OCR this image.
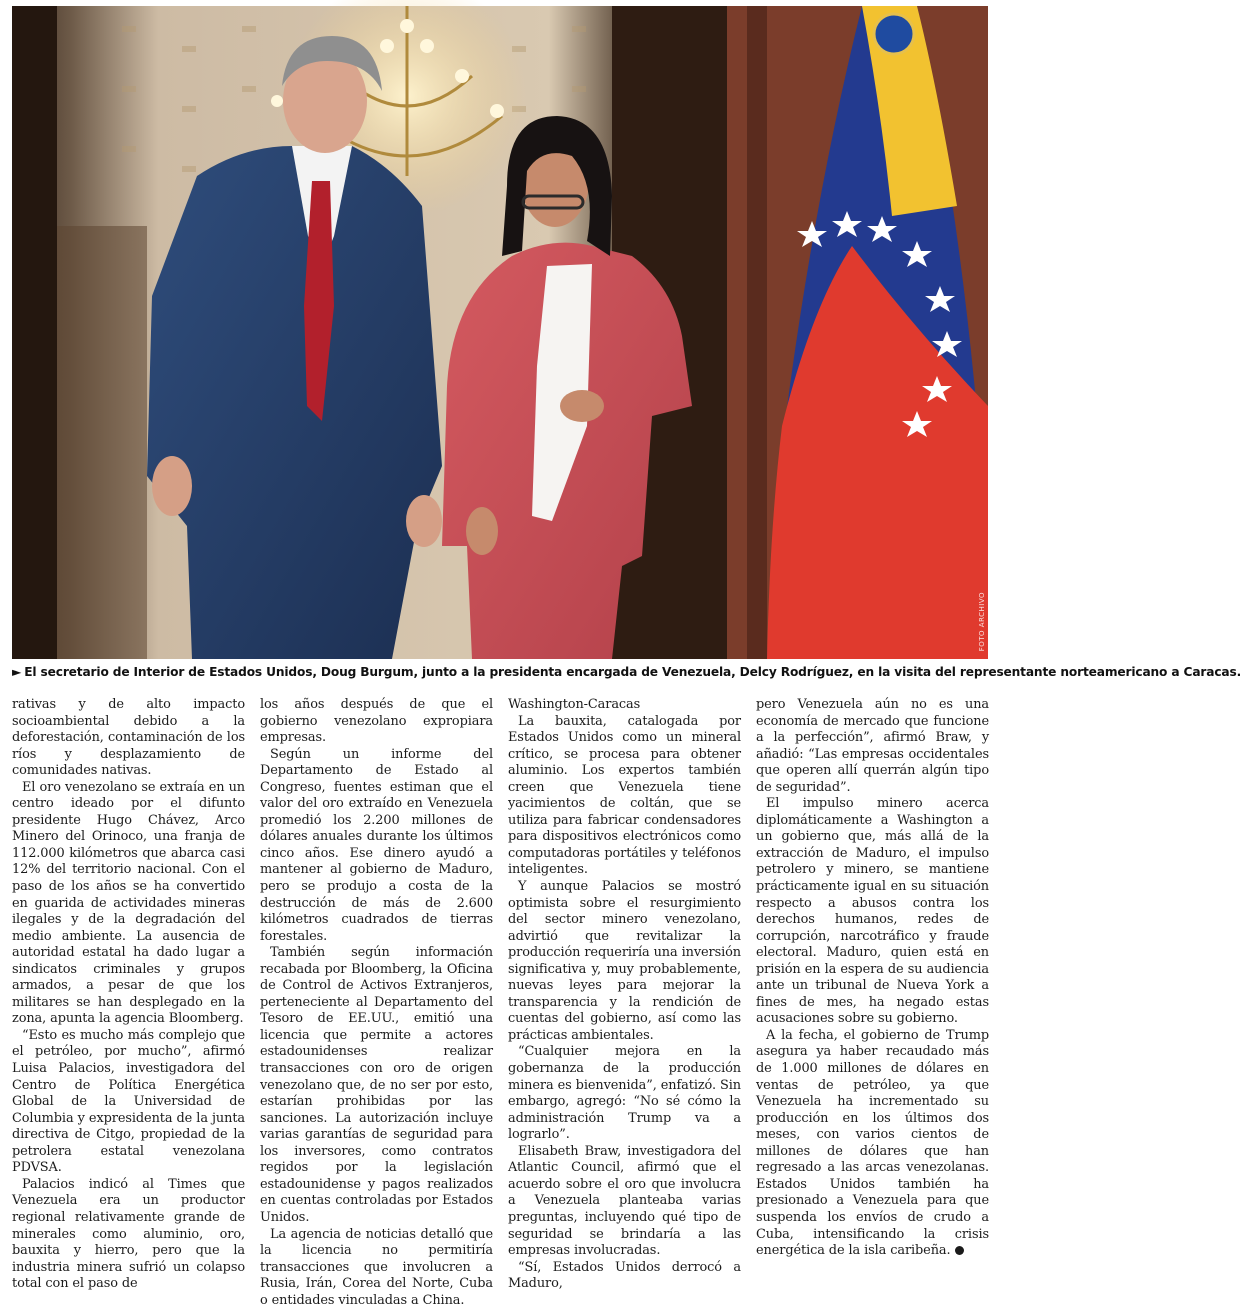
FOTO ARCHIVO
► El secretario de Interior de Estados Unidos, Doug Burgum, junto a la presidenta encargada de Venezuela, Delcy Rodríguez, en la visita del representante norteamericano a Caracas.

rativas y de alto impacto socioambiental debido a la deforestación, contaminación de los ríos y desplazamiento de comunidades nativas.

El oro venezolano se extraía en un centro ideado por el difunto presidente Hugo Chávez, Arco Minero del Orinoco, una franja de 112.000 kilómetros que abarca casi 12% del territorio nacional. Con el paso de los años se ha convertido en guarida de actividades mineras ilegales y de la degradación del medio ambiente. La ausencia de autoridad estatal ha dado lugar a sindicatos criminales y grupos armados, a pesar de que los militares se han desplegado en la zona, apunta la agencia Bloomberg.

“Esto es mucho más complejo que el petróleo, por mucho”, afirmó Luisa Palacios, investigadora del Centro de Política Energética Global de la Universidad de Columbia y expresidenta de la junta directiva de Citgo, propiedad de la petrolera estatal venezolana PDVSA.

Palacios indicó al Times que Venezuela era un productor regional relativamente grande de minerales como aluminio, oro, bauxita y hierro, pero que la industria minera sufrió un colapso total con el paso de

los años después de que el gobierno venezolano expropiara empresas.

Según un informe del Departamento de Estado al Congreso, fuentes estiman que el valor del oro extraído en Venezuela promedió los 2.200 millones de dólares anuales durante los últimos cinco años. Ese dinero ayudó a mantener al gobierno de Maduro, pero se produjo a costa de la destrucción de más de 2.600 kilómetros cuadrados de tierras forestales.

También según información recabada por Bloomberg, la Oficina de Control de Activos Extranjeros, perteneciente al Departamento del Tesoro de EE.UU., emitió una licencia que permite a actores estadounidenses realizar transacciones con oro de origen venezolano que, de no ser por esto, estarían prohibidas por las sanciones. La autorización incluye varias garantías de seguridad para los inversores, como contratos regidos por la legislación estadounidense y pagos realizados en cuentas controladas por Estados Unidos.

La agencia de noticias detalló que la licencia no permitiría transacciones que involucren a Rusia, Irán, Corea del Norte, Cuba o entidades vinculadas a China.

Washington-Caracas

La bauxita, catalogada por Estados Unidos como un mineral crítico, se procesa para obtener aluminio. Los expertos también creen que Venezuela tiene yacimientos de coltán, que se utiliza para fabricar condensadores para dispositivos electrónicos como computadoras portátiles y teléfonos inteligentes.

Y aunque Palacios se mostró optimista sobre el resurgimiento del sector minero venezolano, advirtió que revitalizar la producción requeriría una inversión significativa y, muy probablemente, nuevas leyes para mejorar la transparencia y la rendición de cuentas del gobierno, así como las prácticas ambientales.

“Cualquier mejora en la gobernanza de la producción minera es bienvenida”, enfatizó. Sin embargo, agregó: “No sé cómo la administración Trump va a lograrlo”.

Elisabeth Braw, investigadora del Atlantic Council, afirmó que el acuerdo sobre el oro que involucra a Venezuela planteaba varias preguntas, incluyendo qué tipo de seguridad se brindaría a las empresas involucradas.

“Sí, Estados Unidos derrocó a Maduro,

pero Venezuela aún no es una economía de mercado que funcione a la perfección”, afirmó Braw, y añadió: “Las empresas occidentales que operen allí querrán algún tipo de seguridad”.

El impulso minero acerca diplomáticamente a Washington a un gobierno que, más allá de la extracción de Maduro, el impulso petrolero y minero, se mantiene prácticamente igual en su situación respecto a abusos contra los derechos humanos, redes de corrupción, narcotráfico y fraude electoral. Maduro, quien está en prisión en la espera de su audiencia ante un tribunal de Nueva York a fines de mes, ha negado estas acusaciones sobre su gobierno.

A la fecha, el gobierno de Trump asegura ya haber recaudado más de 1.000 millones de dólares en ventas de petróleo, ya que Venezuela ha incrementado su producción en los últimos dos meses, con varios cientos de millones de dólares que han regresado a las arcas venezolanas. Estados Unidos también ha presionado a Venezuela para que suspenda los envíos de crudo a Cuba, intensificando la crisis energética de la isla caribeña.
